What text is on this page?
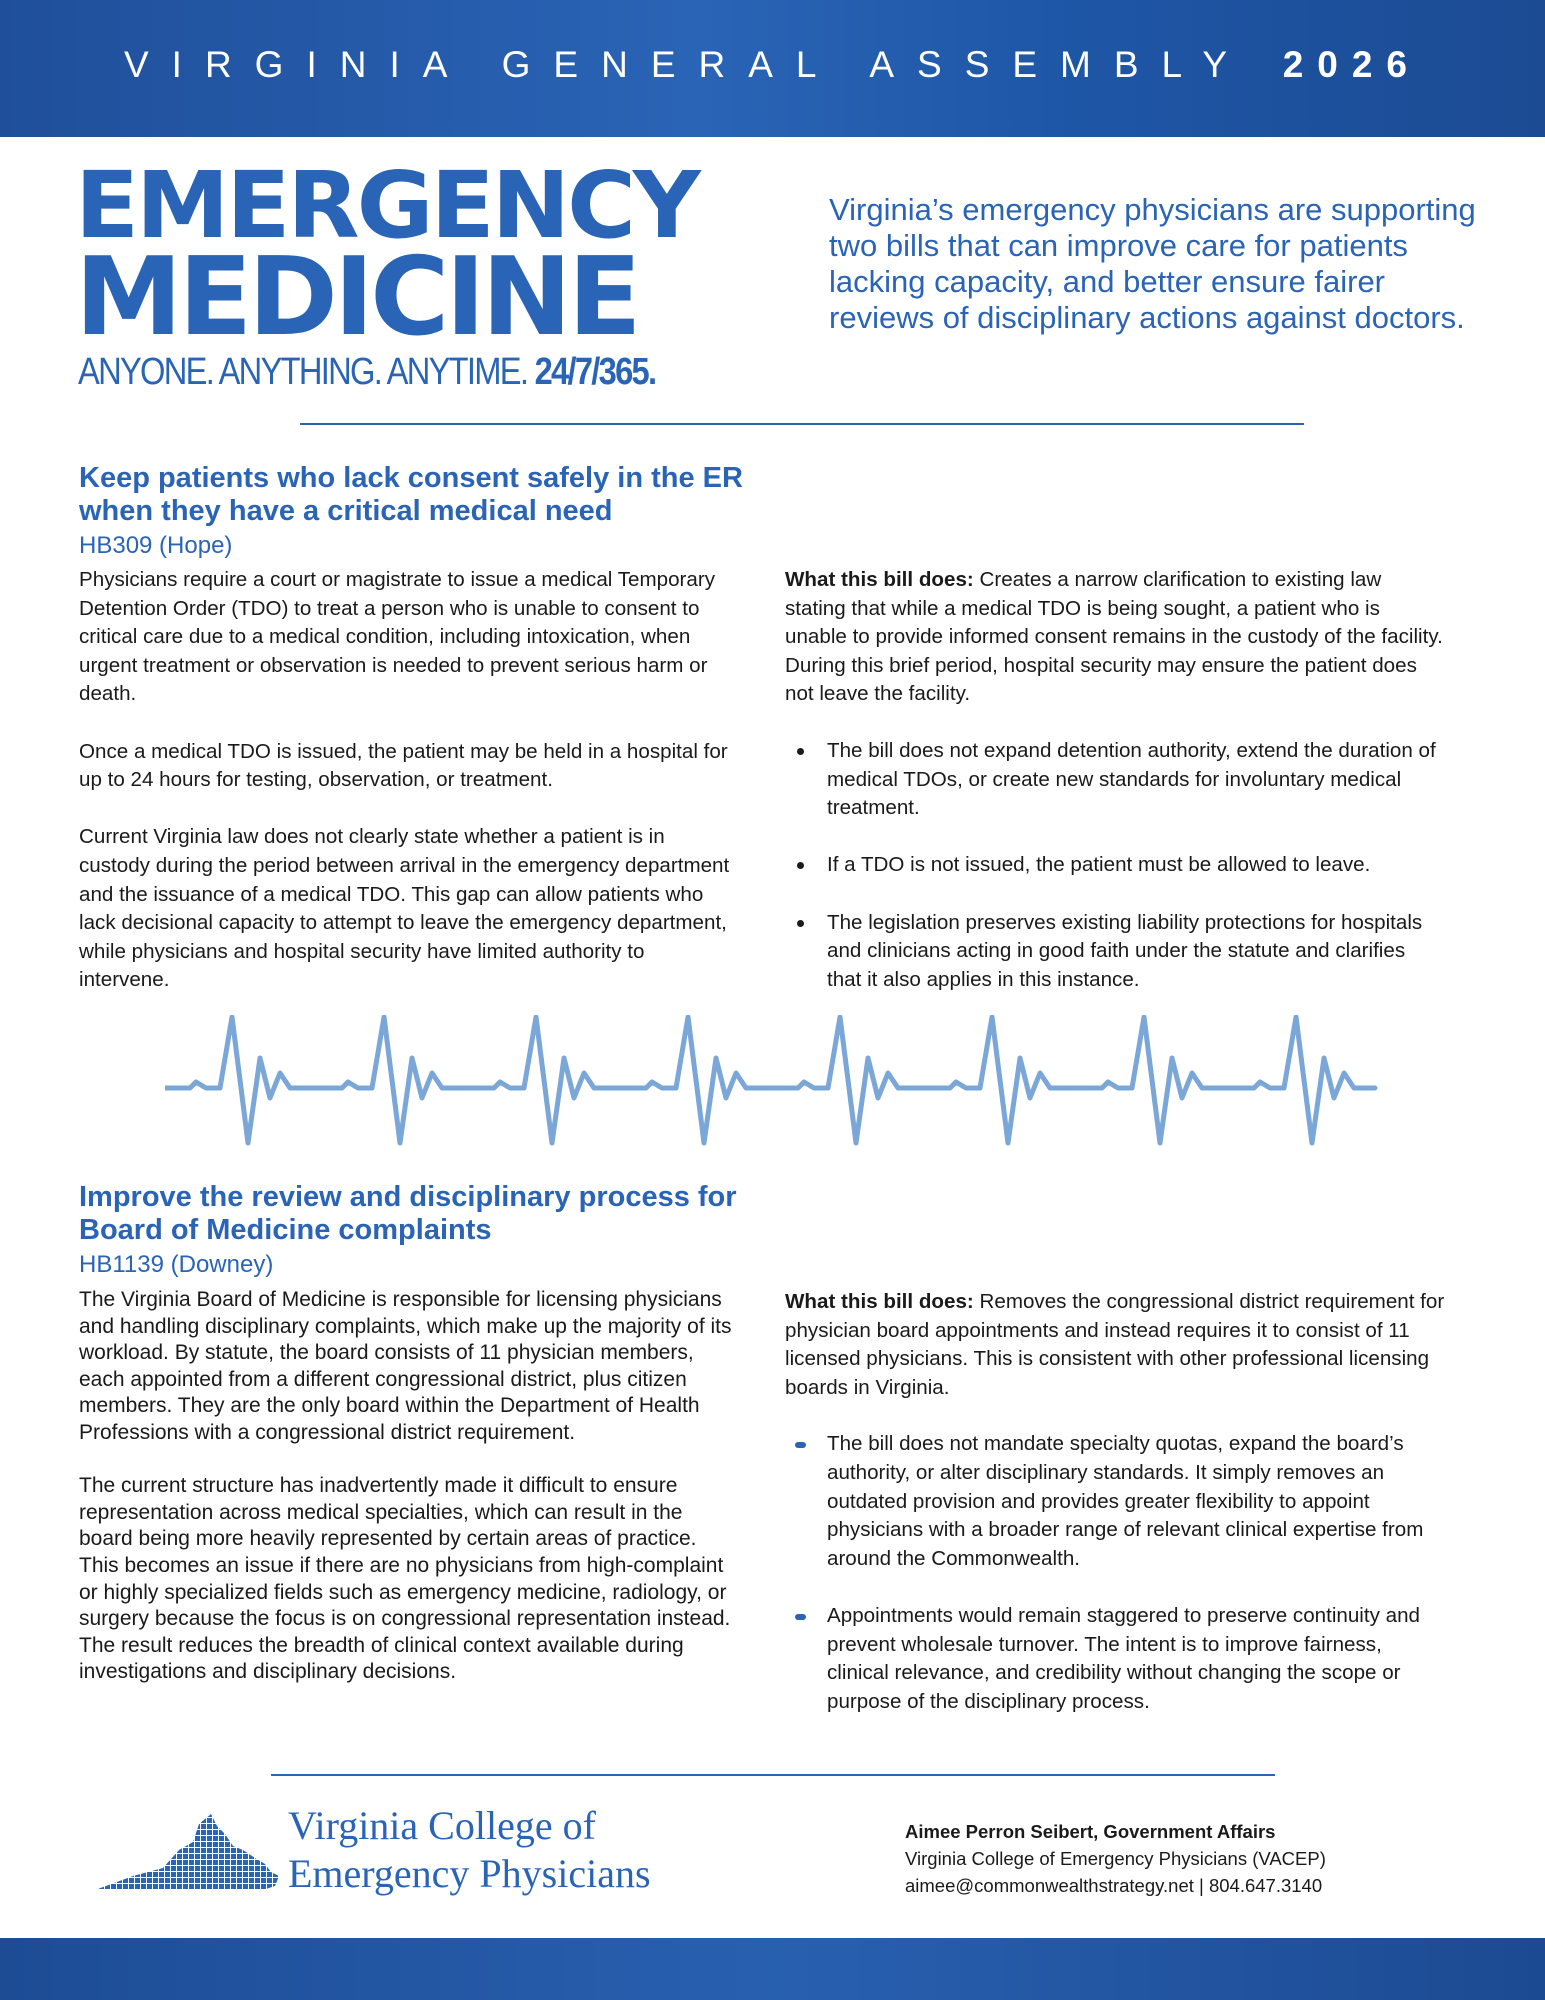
VIRGINIA GENERAL ASSEMBLY 2026
EMERGENCY
MEDICINE
ANYONE. ANYTHING. ANYTIME. 24/7/365.
Virginia’s emergency physicians are supporting two bills that can improve care for patients lacking capacity, and better ensure fairer reviews of disciplinary actions against doctors.
Keep patients who lack consent safely in the ER when they have a critical medical need
HB309 (Hope)

Physicians require a court or magistrate to issue a medical Temporary Detention Order (TDO) to treat a person who is unable to consent to critical care due to a medical condition, including intoxication, when urgent treatment or observation is needed to prevent serious harm or death.

Once a medical TDO is issued, the patient may be held in a hospital for up to 24 hours for testing, observation, or treatment.

Current Virginia law does not clearly state whether a patient is in custody during the period between arrival in the emergency department and the issuance of a medical TDO. This gap can allow patients who lack decisional capacity to attempt to leave the emergency department, while physicians and hospital security have limited authority to intervene.

What this bill does: Creates a narrow clarification to existing law stating that while a medical TDO is being sought, a patient who is unable to provide informed consent remains in the custody of the facility. During this brief period, hospital security may ensure the patient does not leave the facility.

The bill does not expand detention authority, extend the duration of medical TDOs, or create new standards for involuntary medical treatment.
If a TDO is not issued, the patient must be allowed to leave.
The legislation preserves existing liability protections for hospitals and clinicians acting in good faith under the statute and clarifies that it also applies in this instance.
Improve the review and disciplinary process for Board of Medicine complaints
HB1139 (Downey)

The Virginia Board of Medicine is responsible for licensing physicians and handling disciplinary complaints, which make up the majority of its workload. By statute, the board consists of 11 physician members, each appointed from a different congressional district, plus citizen members. They are the only board within the Department of Health Professions with a congressional district requirement.

The current structure has inadvertently made it difficult to ensure representation across medical specialties, which can result in the board being more heavily represented by certain areas of practice. This becomes an issue if there are no physicians from high-complaint or highly specialized fields such as emergency medicine, radiology, or surgery because the focus is on congressional representation instead. The result reduces the breadth of clinical context available during investigations and disciplinary decisions.

What this bill does: Removes the congressional district requirement for physician board appointments and instead requires it to consist of 11 licensed physicians. This is consistent with other professional licensing boards in Virginia.

The bill does not mandate specialty quotas, expand the board’s authority, or alter disciplinary standards. It simply removes an outdated provision and provides greater flexibility to appoint physicians with a broader range of relevant clinical expertise from around the Commonwealth.
Appointments would remain staggered to preserve continuity and prevent wholesale turnover. The intent is to improve fairness, clinical relevance, and credibility without changing the scope or purpose of the disciplinary process.
Virginia College of
Emergency Physicians
Aimee Perron Seibert, Government Affairs
Virginia College of Emergency Physicians (VACEP)
aimee@commonwealthstrategy.net | 804.647.3140
